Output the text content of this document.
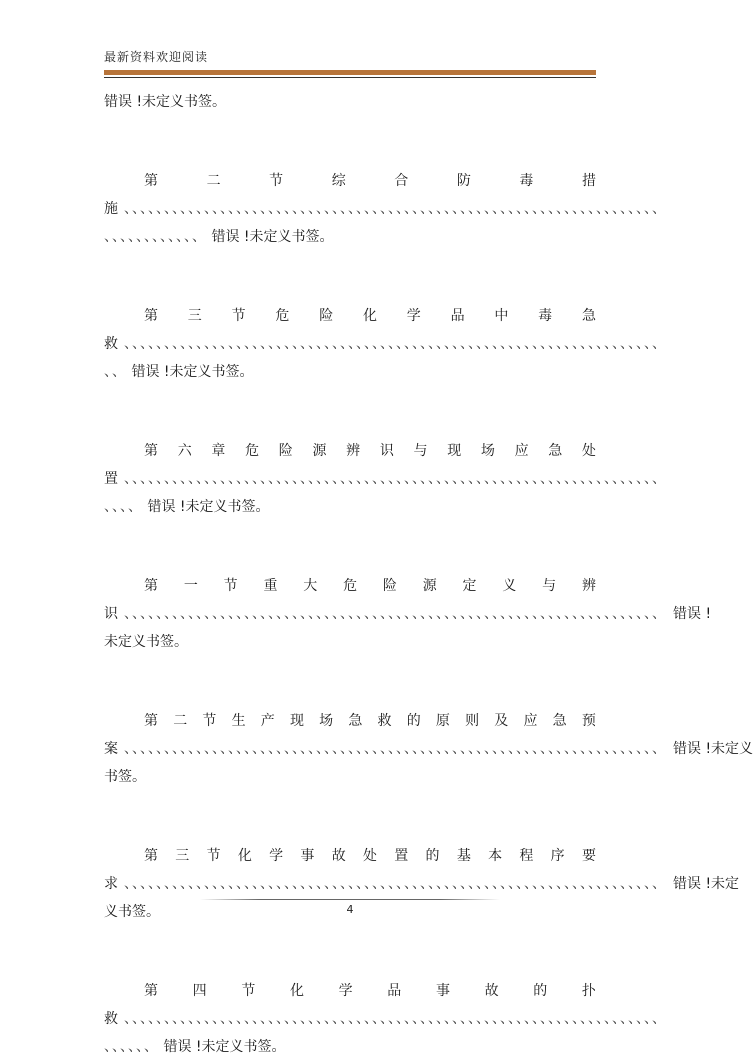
最新资料欢迎阅读
错误 !未定义书签。
第	二	节	综	合	防	毒	措
施 、、、、、、、、、、、、、、、、、、、、、、、、、、、、、、、、、、、、、、、、、、、、、、、、、、、、、、、、、、、、、、、、、、、
、、、、、、、、、、、、 错误 !未定义书签。
第 三 节 危 险 化 学 品 中 毒 急
救 、、、、、、、、、、、、、、、、、、、、、、、、、、、、、、、、、、、、、、、、、、、、、、、、、、、、、、、、、、、、、、、、、、、
、、 错误 !未定义书签。
第 六 章 危 险 源 辨 识 与 现 场 应 急 处
置 、、、、、、、、、、、、、、、、、、、、、、、、、、、、、、、、、、、、、、、、、、、、、、、、、、、、、、、、、、、、、、、、、、、
、、、、 错误 !未定义书签。
第 一 节 重 大 危 险 源 定 义 与 辨
识 、、、、、、、、、、、、、、、、、、、、、、、、、、、、、、、、、、、、、、、、、、、、、、、、、、、、、、、、、、、、、、、、、、、 错误 !
未定义书签。
第 二 节 生 产 现 场 急 救 的 原 则 及 应 急 预
案 、、、、、、、、、、、、、、、、、、、、、、、、、、、、、、、、、、、、、、、、、、、、、、、、、、、、、、、、、、、、、、、、、、、 错误 !未定义
书签。
第 三 节 化 学 事 故 处 置 的 基 本 程 序 要
求 、、、、、、、、、、、、、、、、、、、、、、、、、、、、、、、、、、、、、、、、、、、、、、、、、、、、、、、、、、、、、、、、、、、 错误 !未定
义书签。
第 四 节 化 学 品 事 故 的 扑
救 、、、、、、、、、、、、、、、、、、、、、、、、、、、、、、、、、、、、、、、、、、、、、、、、、、、、、、、、、、、、、、、、、、、
、、、、、、 错误 !未定义书签。
4
